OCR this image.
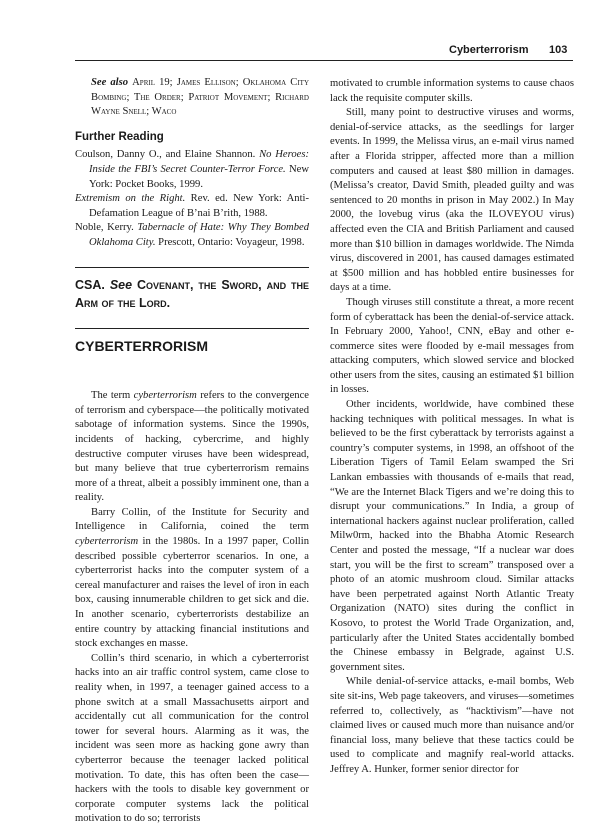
Cyberterrorism 103

See also April 19; James Ellison; Oklahoma City Bombing; The Order; Patriot Movement; Richard Wayne Snell; Waco

Further Reading

Coulson, Danny O., and Elaine Shannon. No Heroes: Inside the FBI’s Secret Counter-Terror Force. New York: Pocket Books, 1999.

Extremism on the Right. Rev. ed. New York: Anti-Defamation League of B’nai B’rith, 1988.

Noble, Kerry. Tabernacle of Hate: Why They Bombed Oklahoma City. Prescott, Ontario: Voyageur, 1998.

CSA. See Covenant, the Sword, and the Arm of the Lord.
CYBERTERRORISM

The term cyberterrorism refers to the convergence of terrorism and cyberspace—the politically motivated sabotage of information systems. Since the 1990s, incidents of hacking, cybercrime, and highly destructive computer viruses have been widespread, but many believe that true cyberterrorism remains more of a threat, albeit a possibly imminent one, than a reality.

Barry Collin, of the Institute for Security and Intelligence in California, coined the term cyberterrorism in the 1980s. In a 1997 paper, Collin described possible cyberterror scenarios. In one, a cyberterrorist hacks into the computer system of a cereal manufacturer and raises the level of iron in each box, causing innumerable children to get sick and die. In another scenario, cyberterrorists destabilize an entire country by attacking financial institutions and stock exchanges en masse.

Collin’s third scenario, in which a cyberterrorist hacks into an air traffic control system, came close to reality when, in 1997, a teenager gained access to a phone switch at a small Massachusetts airport and accidentally cut all communication for the control tower for several hours. Alarming as it was, the incident was seen more as hacking gone awry than cyberterror because the teenager lacked political motivation. To date, this has often been the case—hackers with the tools to disable key government or corporate computer systems lack the political motivation to do so; terrorists

motivated to crumble information systems to cause chaos lack the requisite computer skills.

Still, many point to destructive viruses and worms, denial-of-service attacks, as the seedlings for larger events. In 1999, the Melissa virus, an e-mail virus named after a Florida stripper, affected more than a million computers and caused at least $80 million in damages. (Melissa’s creator, David Smith, pleaded guilty and was sentenced to 20 months in prison in May 2002.) In May 2000, the lovebug virus (aka the ILOVEYOU virus) affected even the CIA and British Parliament and caused more than $10 billion in damages worldwide. The Nimda virus, discovered in 2001, has caused damages estimated at $500 million and has hobbled entire businesses for days at a time.

Though viruses still constitute a threat, a more recent form of cyberattack has been the denial-of-service attack. In February 2000, Yahoo!, CNN, eBay and other e-commerce sites were flooded by e-mail messages from attacking computers, which slowed service and blocked other users from the sites, causing an estimated $1 billion in losses.

Other incidents, worldwide, have combined these hacking techniques with political messages. In what is believed to be the first cyberattack by terrorists against a country’s computer systems, in 1998, an offshoot of the Liberation Tigers of Tamil Eelam swamped the Sri Lankan embassies with thousands of e-mails that read, “We are the Internet Black Tigers and we’re doing this to disrupt your communications.” In India, a group of international hackers against nuclear proliferation, called Milw0rm, hacked into the Bhabha Atomic Research Center and posted the message, “If a nuclear war does start, you will be the first to scream” transposed over a photo of an atomic mushroom cloud. Similar attacks have been perpetrated against North Atlantic Treaty Organization (NATO) sites during the conflict in Kosovo, to protest the World Trade Organization, and, particularly after the United States accidentally bombed the Chinese embassy in Belgrade, against U.S. government sites.

While denial-of-service attacks, e-mail bombs, Web site sit-ins, Web page takeovers, and viruses—sometimes referred to, collectively, as “hacktivism”—have not claimed lives or caused much more than nuisance and/or financial loss, many believe that these tactics could be used to complicate and magnify real-world attacks. Jeffrey A. Hunker, former senior director for
